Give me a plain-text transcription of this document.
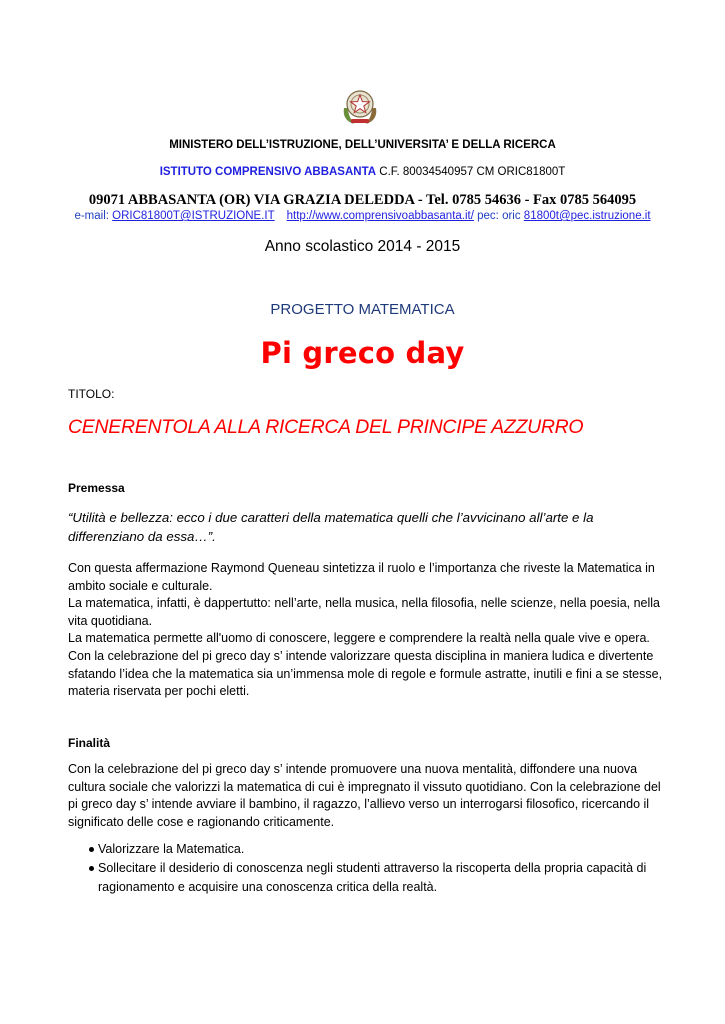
MINISTERO DELL’ISTRUZIONE, DELL’UNIVERSITA’ E DELLA RICERCA
ISTITUTO COMPRENSIVO ABBASANTA C.F. 80034540957 CM ORIC81800T
09071 ABBASANTA (OR) VIA GRAZIA DELEDDA - Tel. 0785 54636 - Fax 0785 564095
e-mail: ORIC81800T@ISTRUZIONE.IT http://www.comprensivoabbasanta.it/ pec: oric 81800t@pec.istruzione.it
Anno scolastico 2014 - 2015
PROGETTO MATEMATICA
Pi greco day
TITOLO:
CENERENTOLA ALLA RICERCA DEL PRINCIPE AZZURRO
Premessa
“Utilità e bellezza: ecco i due caratteri della matematica quelli che l’avvicinano all’arte e la differenziano da essa…”.
Con questa affermazione Raymond Queneau sintetizza il ruolo e l’importanza che riveste la Matematica in ambito sociale e culturale.
La matematica, infatti, è dappertutto: nell’arte, nella musica, nella filosofia, nelle scienze, nella poesia, nella vita quotidiana.
La matematica permette all'uomo di conoscere, leggere e comprendere la realtà nella quale vive e opera.
Con la celebrazione del pi greco day s’ intende valorizzare questa disciplina in maniera ludica e divertente sfatando l’idea che la matematica sia un’immensa mole di regole e formule astratte, inutili e fini a se stesse, materia riservata per pochi eletti.
Finalità
Con la celebrazione del pi greco day s’ intende promuovere una nuova mentalità, diffondere una nuova cultura sociale che valorizzi la matematica di cui è impregnato il vissuto quotidiano. Con la celebrazione del pi greco day s’ intende avviare il bambino, il ragazzo, l’allievo verso un interrogarsi filosofico, ricercando il significato delle cose e ragionando criticamente.
Valorizzare la Matematica.
Sollecitare il desiderio di conoscenza negli studenti attraverso la riscoperta della propria capacità di ragionamento e acquisire una conoscenza critica della realtà.
